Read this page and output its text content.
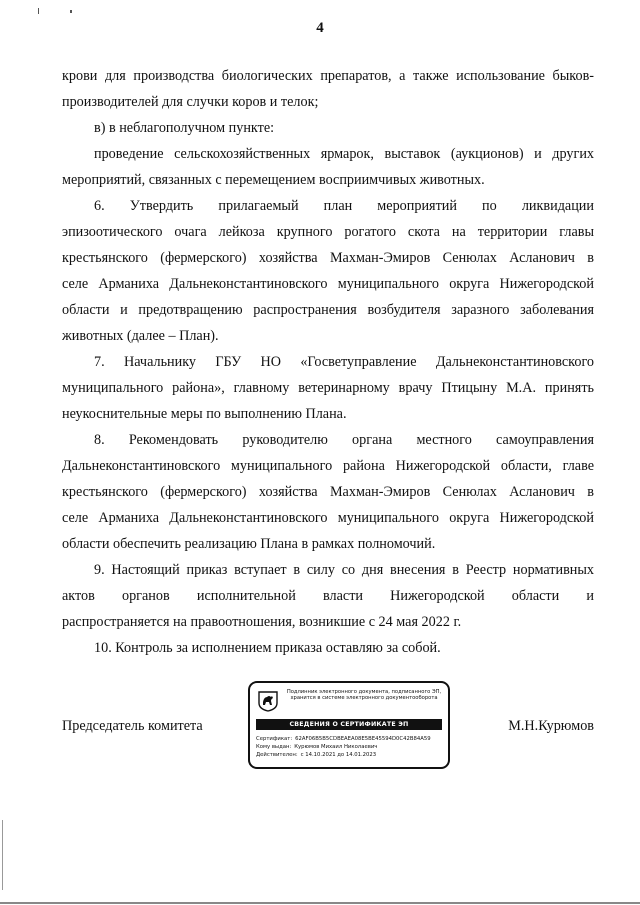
4
крови для производства биологических препаратов, а также использование быков-
производителей для случки коров и телок;
в) в неблагополучном пункте:
проведение сельскохозяйственных ярмарок, выставок (аукционов) и других
мероприятий, связанных с перемещением восприимчивых животных.
6. Утвердить прилагаемый план мероприятий по ликвидации
эпизоотического очага лейкоза крупного рогатого скота на территории главы
крестьянского (фермерского) хозяйства Махман-Эмиров Сенюлах Асланович в
селе Арманиха Дальнеконстантиновского муниципального округа Нижегородской
области и предотвращению распространения возбудителя заразного заболевания
животных (далее – План).
7. Начальнику ГБУ НО «Госветуправление Дальнеконстантиновского
муниципального района», главному ветеринарному врачу Птицыну М.А. принять
неукоснительные меры по выполнению Плана.
8. Рекомендовать руководителю органа местного самоуправления
Дальнеконстантиновского муниципального района Нижегородской области, главе
крестьянского (фермерского) хозяйства Махман-Эмиров Сенюлах Асланович в
селе Арманиха Дальнеконстантиновского муниципального округа Нижегородской
области обеспечить реализацию Плана в рамках полномочий.
9. Настоящий приказ вступает в силу со дня внесения в Реестр нормативных
актов органов исполнительной власти Нижегородской области и
распространяется на правоотношения, возникшие с 24 мая 2022 г.
10. Контроль за исполнением приказа оставляю за собой.
Председатель комитета	М.Н.Курюмов
Подлинник электронного документа, подписанного ЭП,
хранится в системе электронного документооборота
СВЕДЕНИЯ О СЕРТИФИКАТЕ ЭП
Сертификат: 62AF06B5B5CDBEAEA08E5BE45594D0C42B84A59
Кому выдан: Курюмов Михаил Николаевич
Действителен: с 14.10.2021 до 14.01.2023
